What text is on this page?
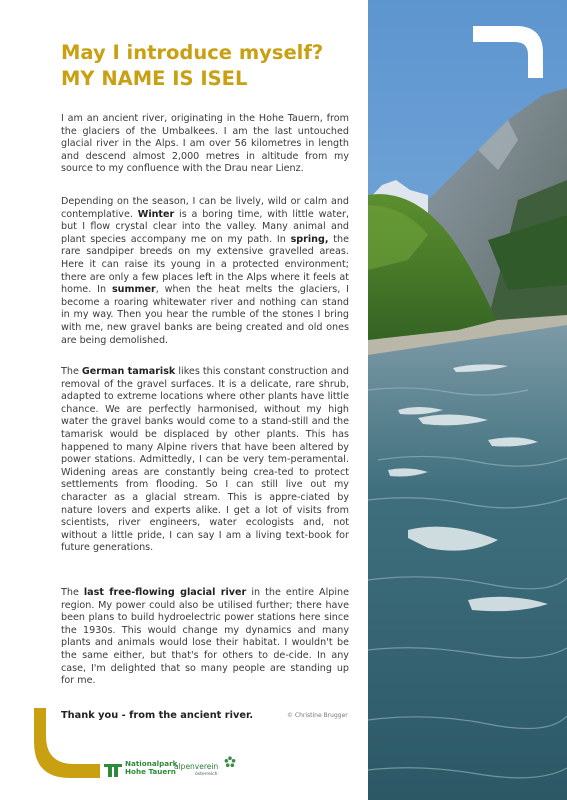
May I introduce myself?
MY NAME IS ISEL
I am an ancient river, originating in the Hohe Tauern, from the glaciers of the Umbalkees. I am the last untouched glacial river in the Alps. I am over 56 kilometres in length and descend almost 2,000 metres in altitude from my source to my confluence with the Drau near Lienz.
Depending on the season, I can be lively, wild or calm and contemplative. Winter is a boring time, with little water, but I flow crystal clear into the valley. Many animal and plant species accompany me on my path. In spring, the rare sandpiper breeds on my extensive gravelled areas. Here it can raise its young in a protected environment; there are only a few places left in the Alps where it feels at home. In summer, when the heat melts the glaciers, I become a roaring whitewater river and nothing can stand in my way. Then you hear the rumble of the stones I bring with me, new gravel banks are being created and old ones are being demolished.
The German tamarisk likes this constant construction and removal of the gravel surfaces. It is a delicate, rare shrub, adapted to extreme locations where other plants have little chance. We are perfectly harmonised, without my high water the gravel banks would come to a stand-still and the tamarisk would be displaced by other plants. This has happened to many Alpine rivers that have been altered by power stations. Admittedly, I can be very tem-peramental. Widening areas are constantly being crea-ted to protect settlements from flooding. So I can still live out my character as a glacial stream. This is appre-ciated by nature lovers and experts alike. I get a lot of visits from scientists, river engineers, water ecologists and, not without a little pride, I can say I am a living text-book for future generations.
The last free-flowing glacial river in the entire Alpine region. My power could also be utilised further; there have been plans to build hydroelectric power stations here since the 1930s. This would change my dynamics and many plants and animals would lose their habitat. I wouldn't be the same either, but that's for others to de-cide. In any case, I'm delighted that so many people are standing up for me.
Thank you - from the ancient river.	© Christine Brugger
Nationalpark
Hohe Tauern
alpenverein
österreich
